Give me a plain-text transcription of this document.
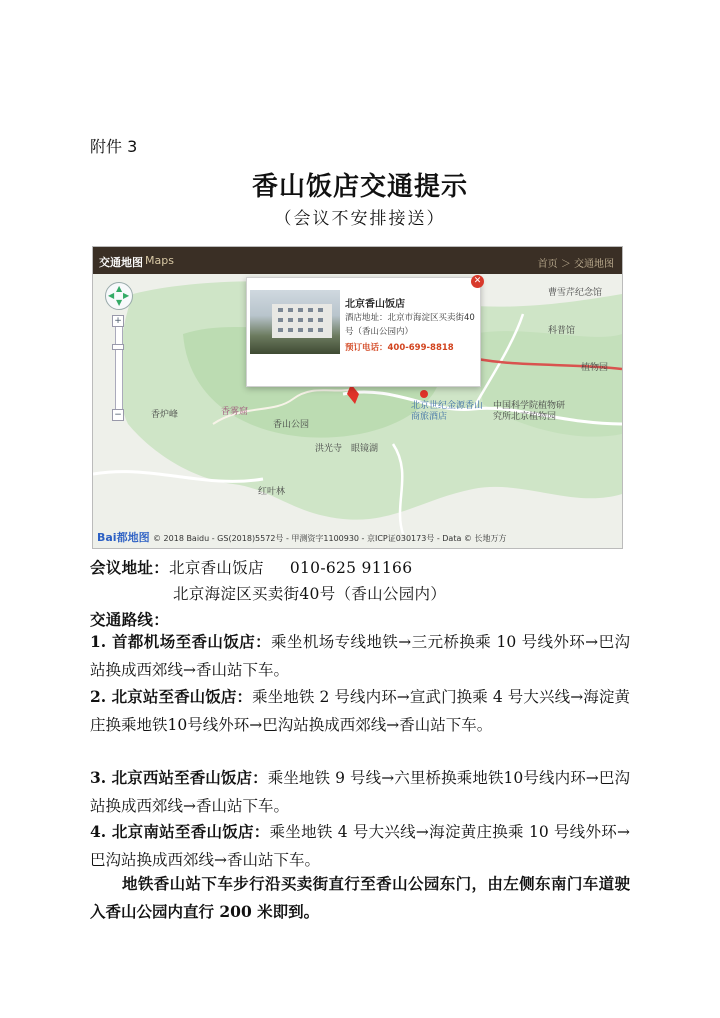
附件 3
香山饭店交通提示
（会议不安排接送）
交通地图 Maps	首页 ＞ 交通地图
香炉峰	香雾窟
香山公园
洪光寺 眼镜湖
红叶林
北京世纪金源香山商旅酒店
中国科学院植物研究所北京植物园
曹雪芹纪念馆
科普馆
植物园
▲
▼
◀ ▶
+
−
北京香山饭店
酒店地址：北京市海淀区买卖街40号（香山公园内）
预订电话：400-699-8818
✕
Bai都地图 © 2018 Baidu - GS(2018)5572号 - 甲测资字1100930 - 京ICP证030173号 - Data © 长地万方
会议地址：北京香山饭店 010-625 91166
北京海淀区买卖街40号（香山公园内）
交通路线：
1. 首都机场至香山饭店：乘坐机场专线地铁→三元桥换乘 10 号线外环→巴沟站换成西郊线→香山站下车。
2. 北京站至香山饭店：乘坐地铁 2 号线内环→宣武门换乘 4 号大兴线→海淀黄庄换乘地铁10号线外环→巴沟站换成西郊线→香山站下车。
3. 北京西站至香山饭店：乘坐地铁 9 号线→六里桥换乘地铁10号线内环→巴沟站换成西郊线→香山站下车。
4. 北京南站至香山饭店：乘坐地铁 4 号大兴线→海淀黄庄换乘 10 号线外环→巴沟站换成西郊线→香山站下车。
地铁香山站下车步行沿买卖街直行至香山公园东门，由左侧东南门车道驶入香山公园内直行 200 米即到。
